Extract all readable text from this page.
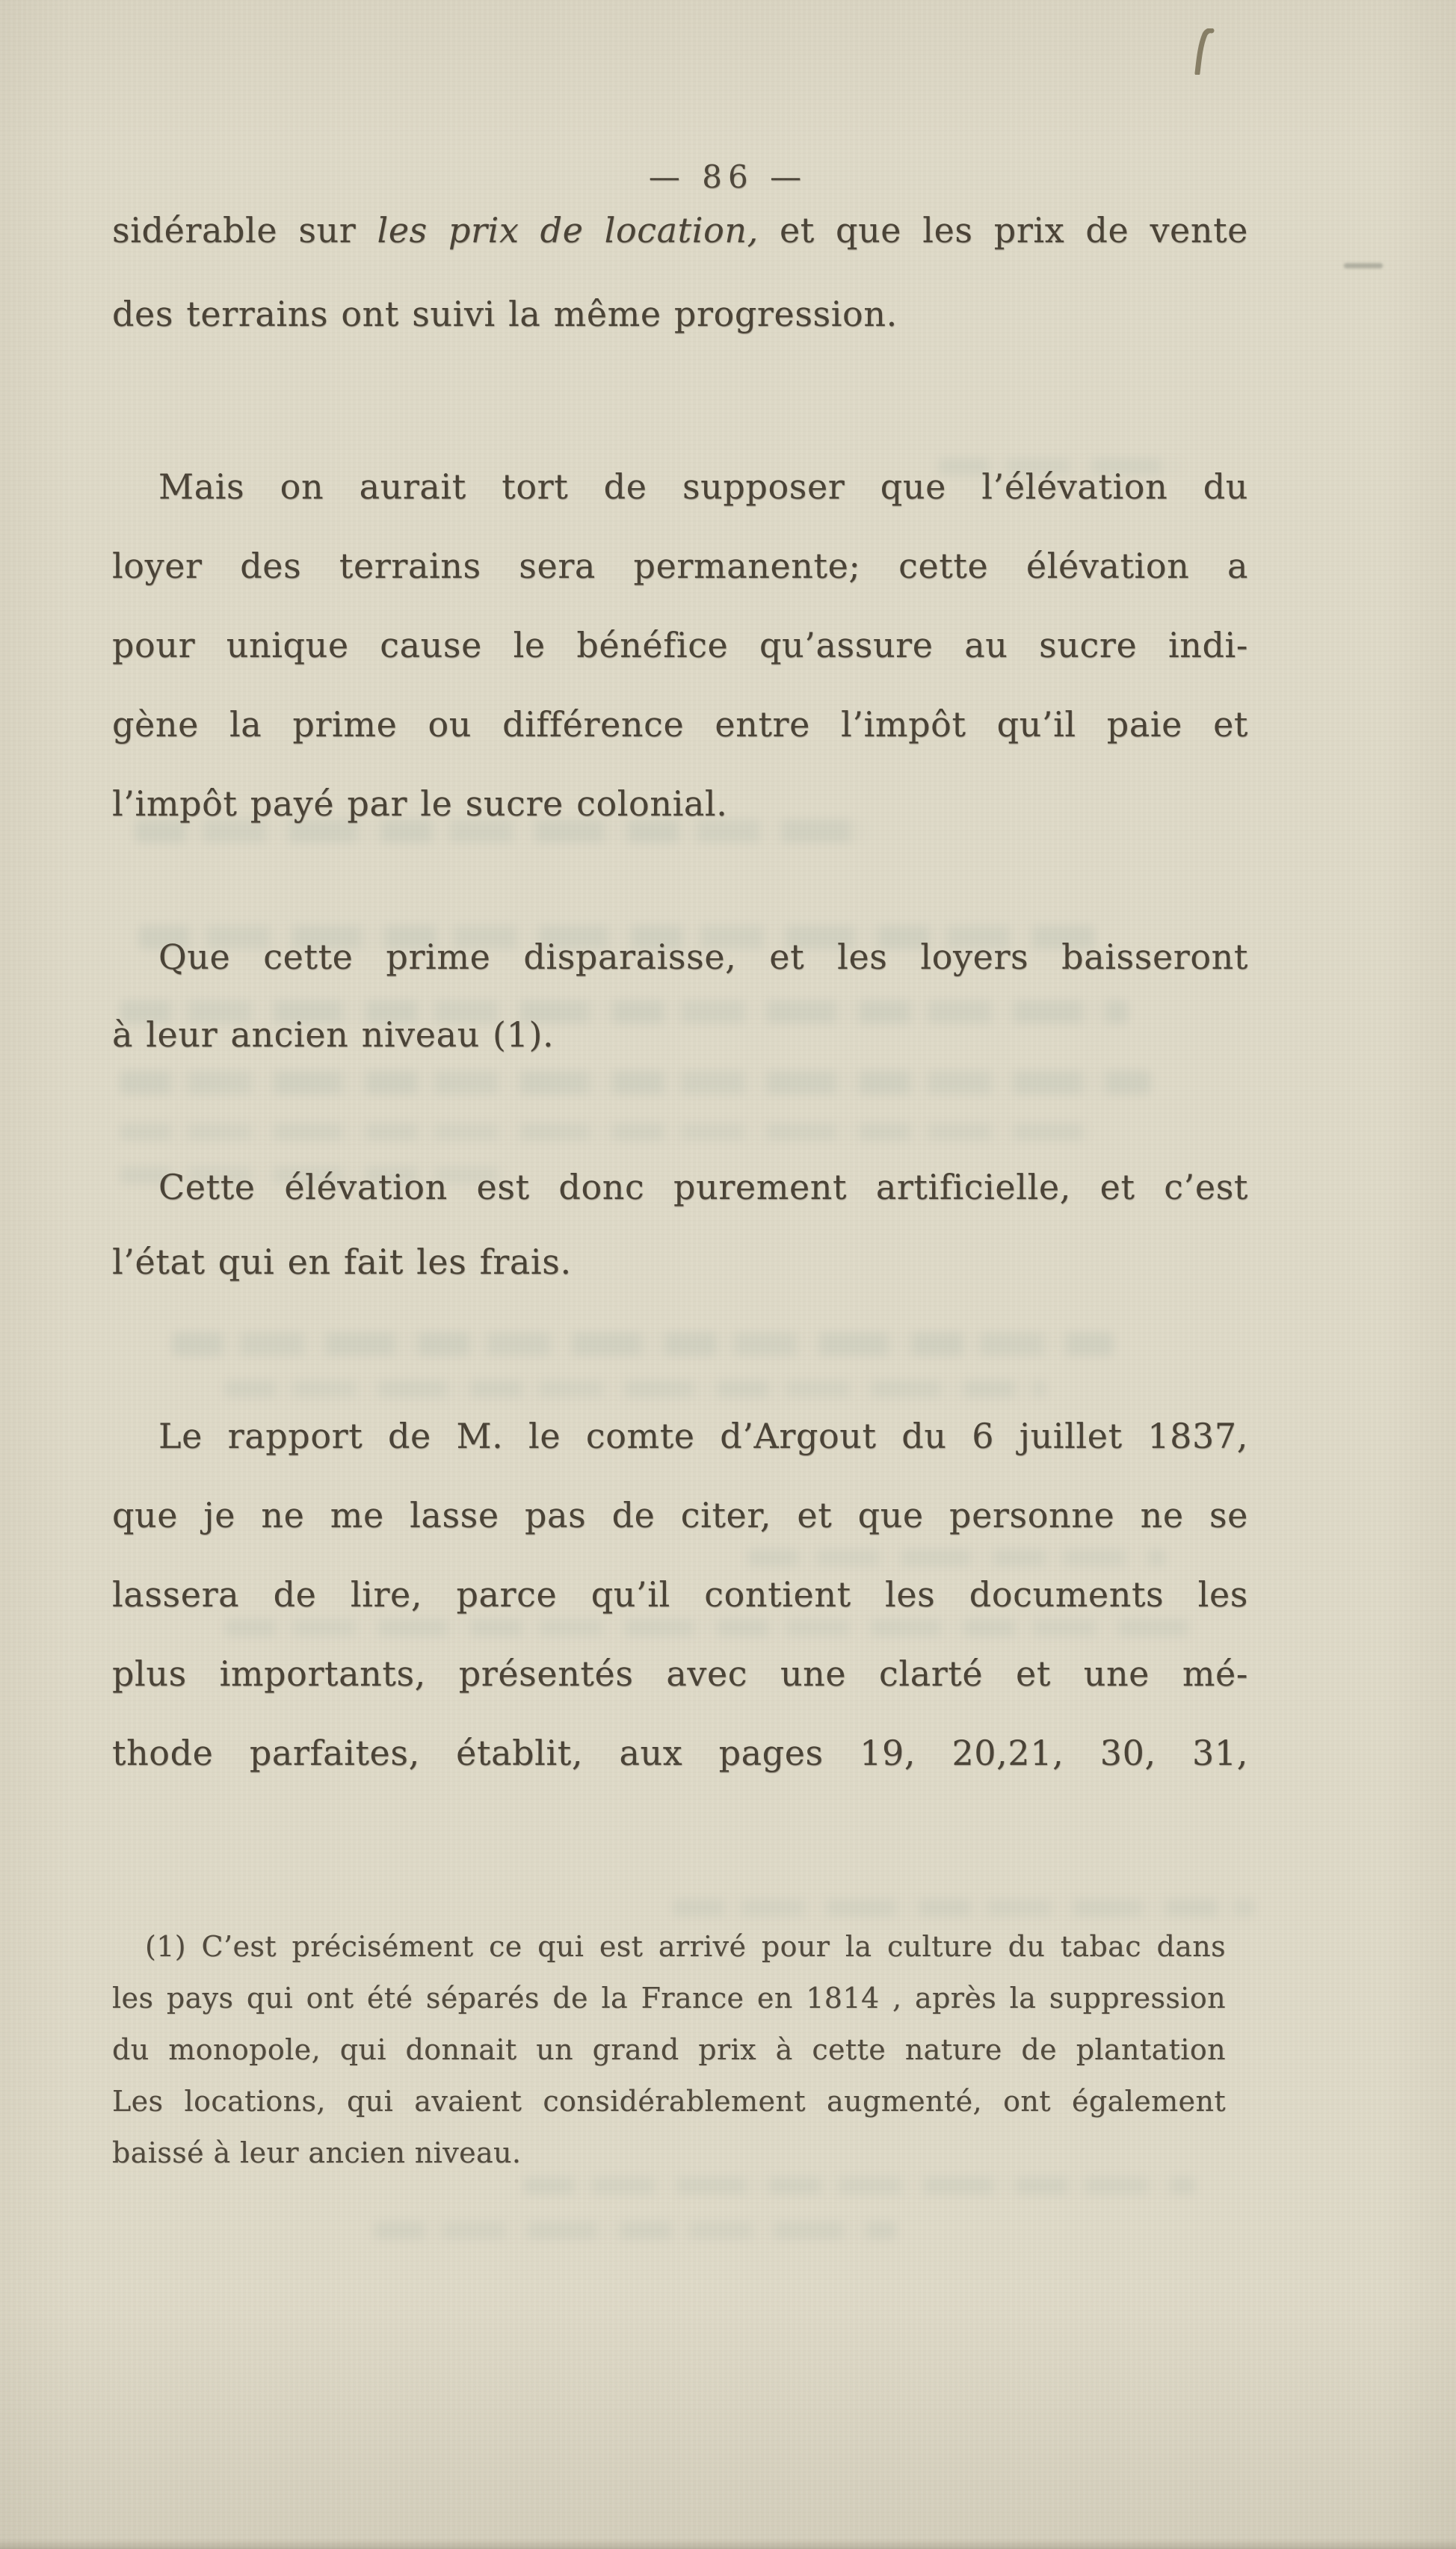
— 86 —
sidérable sur les prix de location, et que les prix de vente
des terrains ont suivi la même progression.
Mais on aurait tort de supposer que l’élévation du
loyer des terrains sera permanente; cette élévation a
pour unique cause le bénéfice qu’assure au sucre indi-
gène la prime ou différence entre l’impôt qu’il paie et
l’impôt payé par le sucre colonial.
Que cette prime disparaisse, et les loyers baisseront
à leur ancien niveau (1).
Cette élévation est donc purement artificielle, et c’est
l’état qui en fait les frais.
Le rapport de M. le comte d’Argout du 6 juillet 1837,
que je ne me lasse pas de citer, et que personne ne se
lassera de lire, parce qu’il contient les documents les
plus importants, présentés avec une clarté et une mé-
thode parfaites, établit, aux pages 19, 20,21, 30, 31,
(1) C’est précisément ce qui est arrivé pour la culture du tabac dans
les pays qui ont été séparés de la France en 1814 , après la suppression
du monopole, qui donnait un grand prix à cette nature de plantation
Les locations, qui avaient considérablement augmenté, ont également
baissé à leur ancien niveau.
